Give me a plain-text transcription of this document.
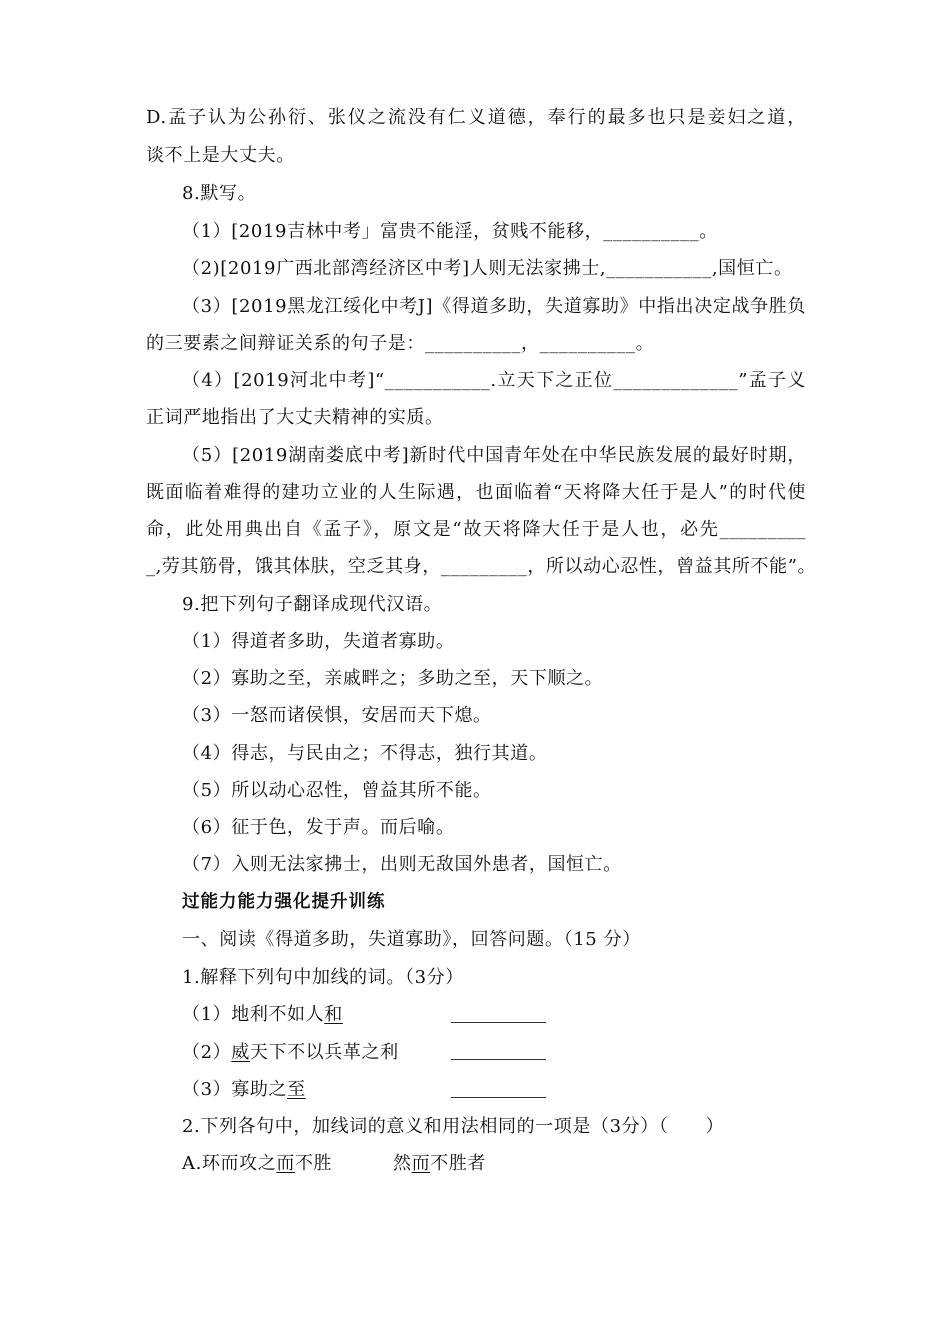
D.孟子认为公孙衍、张仪之流没有仁义道德，奉行的最多也只是妾妇之道，
谈不上是大丈夫。
8.默写。
（1）[2019吉林中考」富贵不能淫，贫贱不能移，__________。
（2)[2019广西北部湾经济区中考]人则无法家拂士,___________,国恒亡。
（3）[2019黑龙江绥化中考J]《得道多助，失道寡助》中指出决定战争胜负
的三要素之间辩证关系的句子是：__________，__________。
（4）[2019河北中考]“___________.立天下之正位_____________”孟子义
正词严地指出了大丈夫精神的实质。
（5）[2019湖南娄底中考]新时代中国青年处在中华民族发展的最好时期，
既面临着难得的建功立业的人生际遇，也面临着“天将降大任于是人”的时代使
命，此处用典出自《孟子》，原文是“故天将降大任于是人也，必先_________
_,劳其筋骨，饿其体肤，空乏其身，_________，所以动心忍性，曾益其所不能”。
9.把下列句子翻译成现代汉语。
（1）得道者多助，失道者寡助。
（2）寡助之至，亲戚畔之；多助之至，天下顺之。
（3）一怒而诸侯惧，安居而天下熄。
（4）得志，与民由之；不得志，独行其道。
（5）所以动心忍性，曾益其所不能。
（6）征于色，发于声。而后喻。
（7）入则无法家拂士，出则无敌国外患者，国恒亡。
过能力能力强化提升训练
一、阅读《得道多助，失道寡助》，回答问题。（15 分）
1.解释下列句中加线的词。（3分）
（1）地利不如人和
（2）威天下不以兵革之利
（3）寡助之至
2.下列各句中，加线词的意义和用法相同的一项是（3分）（　　）
A.环而攻之而不胜	然而不胜者
